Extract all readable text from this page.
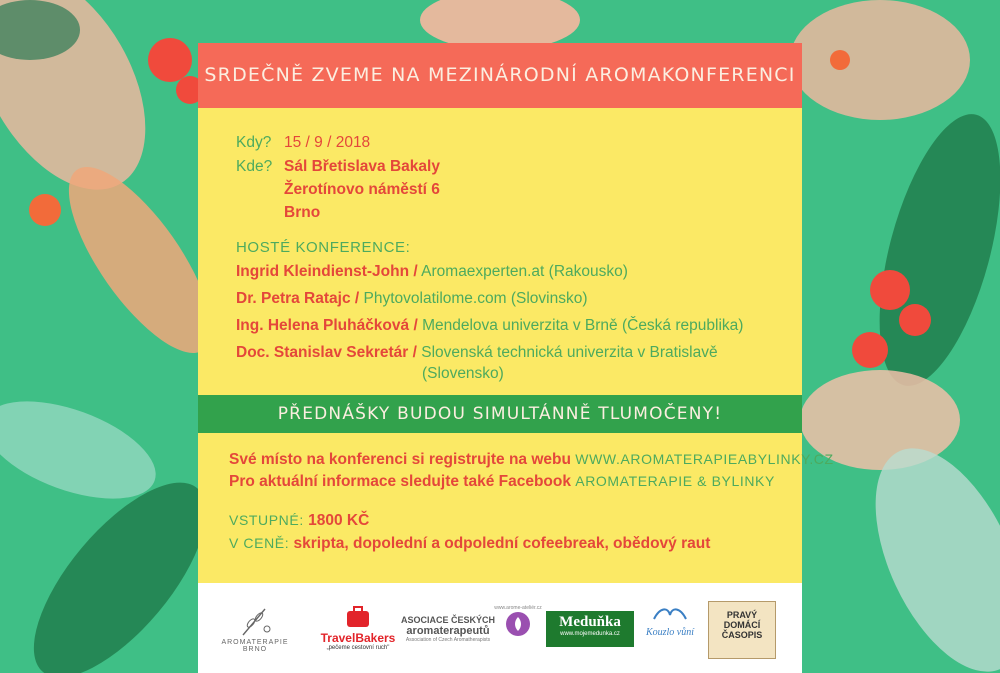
SRDEČNĚ ZVEME NA MEZINÁRODNÍ AROMAKONFERENCI
Kdy? 15 / 9 / 2018
Kde? Sál Břetislava Bakaly
Žerotínovo náměstí 6
Brno
HOSTÉ KONFERENCE:
Ingrid Kleindienst-John / Aromaexperten.at (Rakousko)
Dr. Petra Ratajc / Phytovolatilome.com (Slovinsko)
Ing. Helena Pluháčková / Mendelova univerzita v Brně (Česká republika)
Doc. Stanislav Sekretár / Slovenská technická univerzita v Bratislavě
(Slovensko)
PŘEDNÁŠKY BUDOU SIMULTÁNNĚ TLUMOČENY!
Své místo na konferenci si registrujte na webu WWW.AROMATERAPIEABYLINKY.CZ
Pro aktuální informace sledujte také Facebook AROMATERAPIE & BYLINKY
VSTUPNÉ: 1800 KČ
V CENĚ: skripta, dopolední a odpolední cofeebreak, obědový raut
AROMATERAPIE BRNO
TravelBakers
„pečeme cestovní ruch"
ASOCIACE ČESKÝCH
aromaterapeutů
Association of Czech Aromatherapists
www.arome-ateliér.cz
Meduňka
www.mojemedunka.cz	Kouzlo vůní
PRAVÝ
DOMÁCÍ
ČASOPIS
